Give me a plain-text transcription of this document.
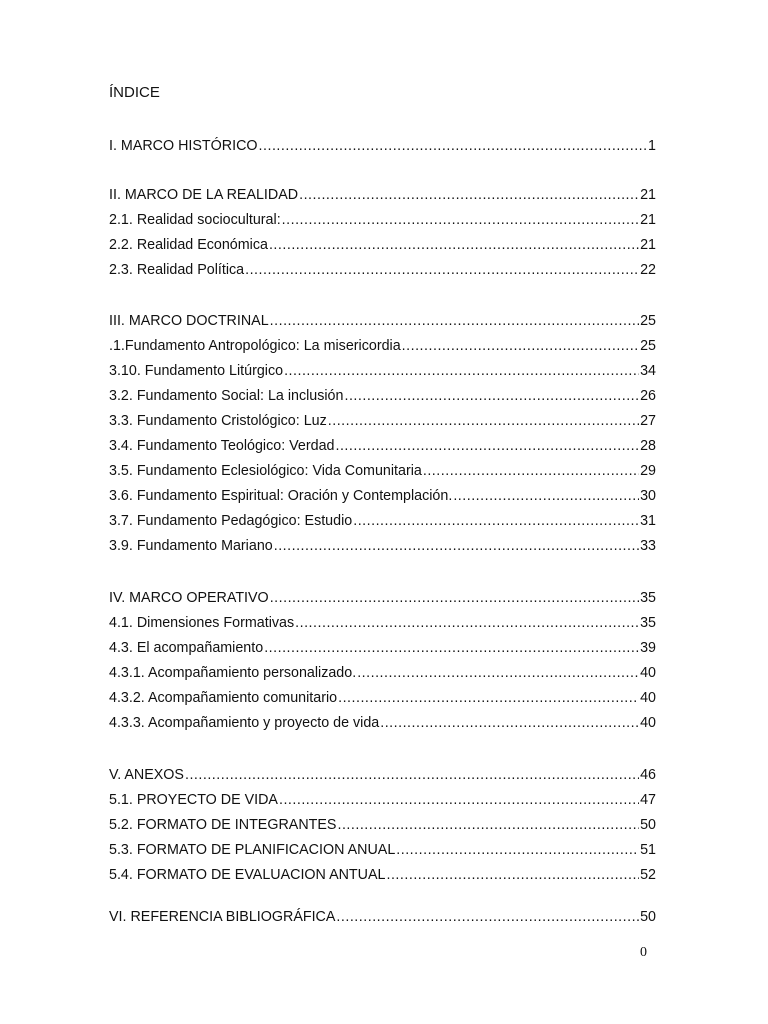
ÍNDICE
I. MARCO HISTÓRICO .....	1
II. MARCO DE LA REALIDAD .....	21
2.1. Realidad sociocultural: .....	21
2.2. Realidad Económica .....	21
2.3. Realidad Política .....	22
III. MARCO DOCTRINAL .....	25
.1.Fundamento Antropológico: La misericordia .....	25
3.10. Fundamento Litúrgico .....	34
3.2. Fundamento Social: La inclusión .....	26
3.3. Fundamento Cristológico: Luz .....	27
3.4. Fundamento Teológico: Verdad .....	28
3.5. Fundamento Eclesiológico: Vida Comunitaria .....	29
3.6. Fundamento Espiritual: Oración y Contemplación. .....	30
3.7. Fundamento Pedagógico: Estudio .....	31
3.9. Fundamento Mariano .....	33
IV. MARCO OPERATIVO .....	35
4.1. Dimensiones Formativas .....	35
4.3. El acompañamiento .....	39
4.3.1. Acompañamiento personalizado. .....	40
4.3.2. Acompañamiento comunitario .....	40
4.3.3. Acompañamiento y proyecto de vida .....	40
V. ANEXOS .....	46
5.1. PROYECTO DE VIDA .....	47
5.2. FORMATO DE INTEGRANTES .....	50
5.3. FORMATO DE PLANIFICACION ANUAL .....	51
5.4. FORMATO DE EVALUACION ANTUAL .....	52
VI. REFERENCIA BIBLIOGRÁFICA .....	50

0
